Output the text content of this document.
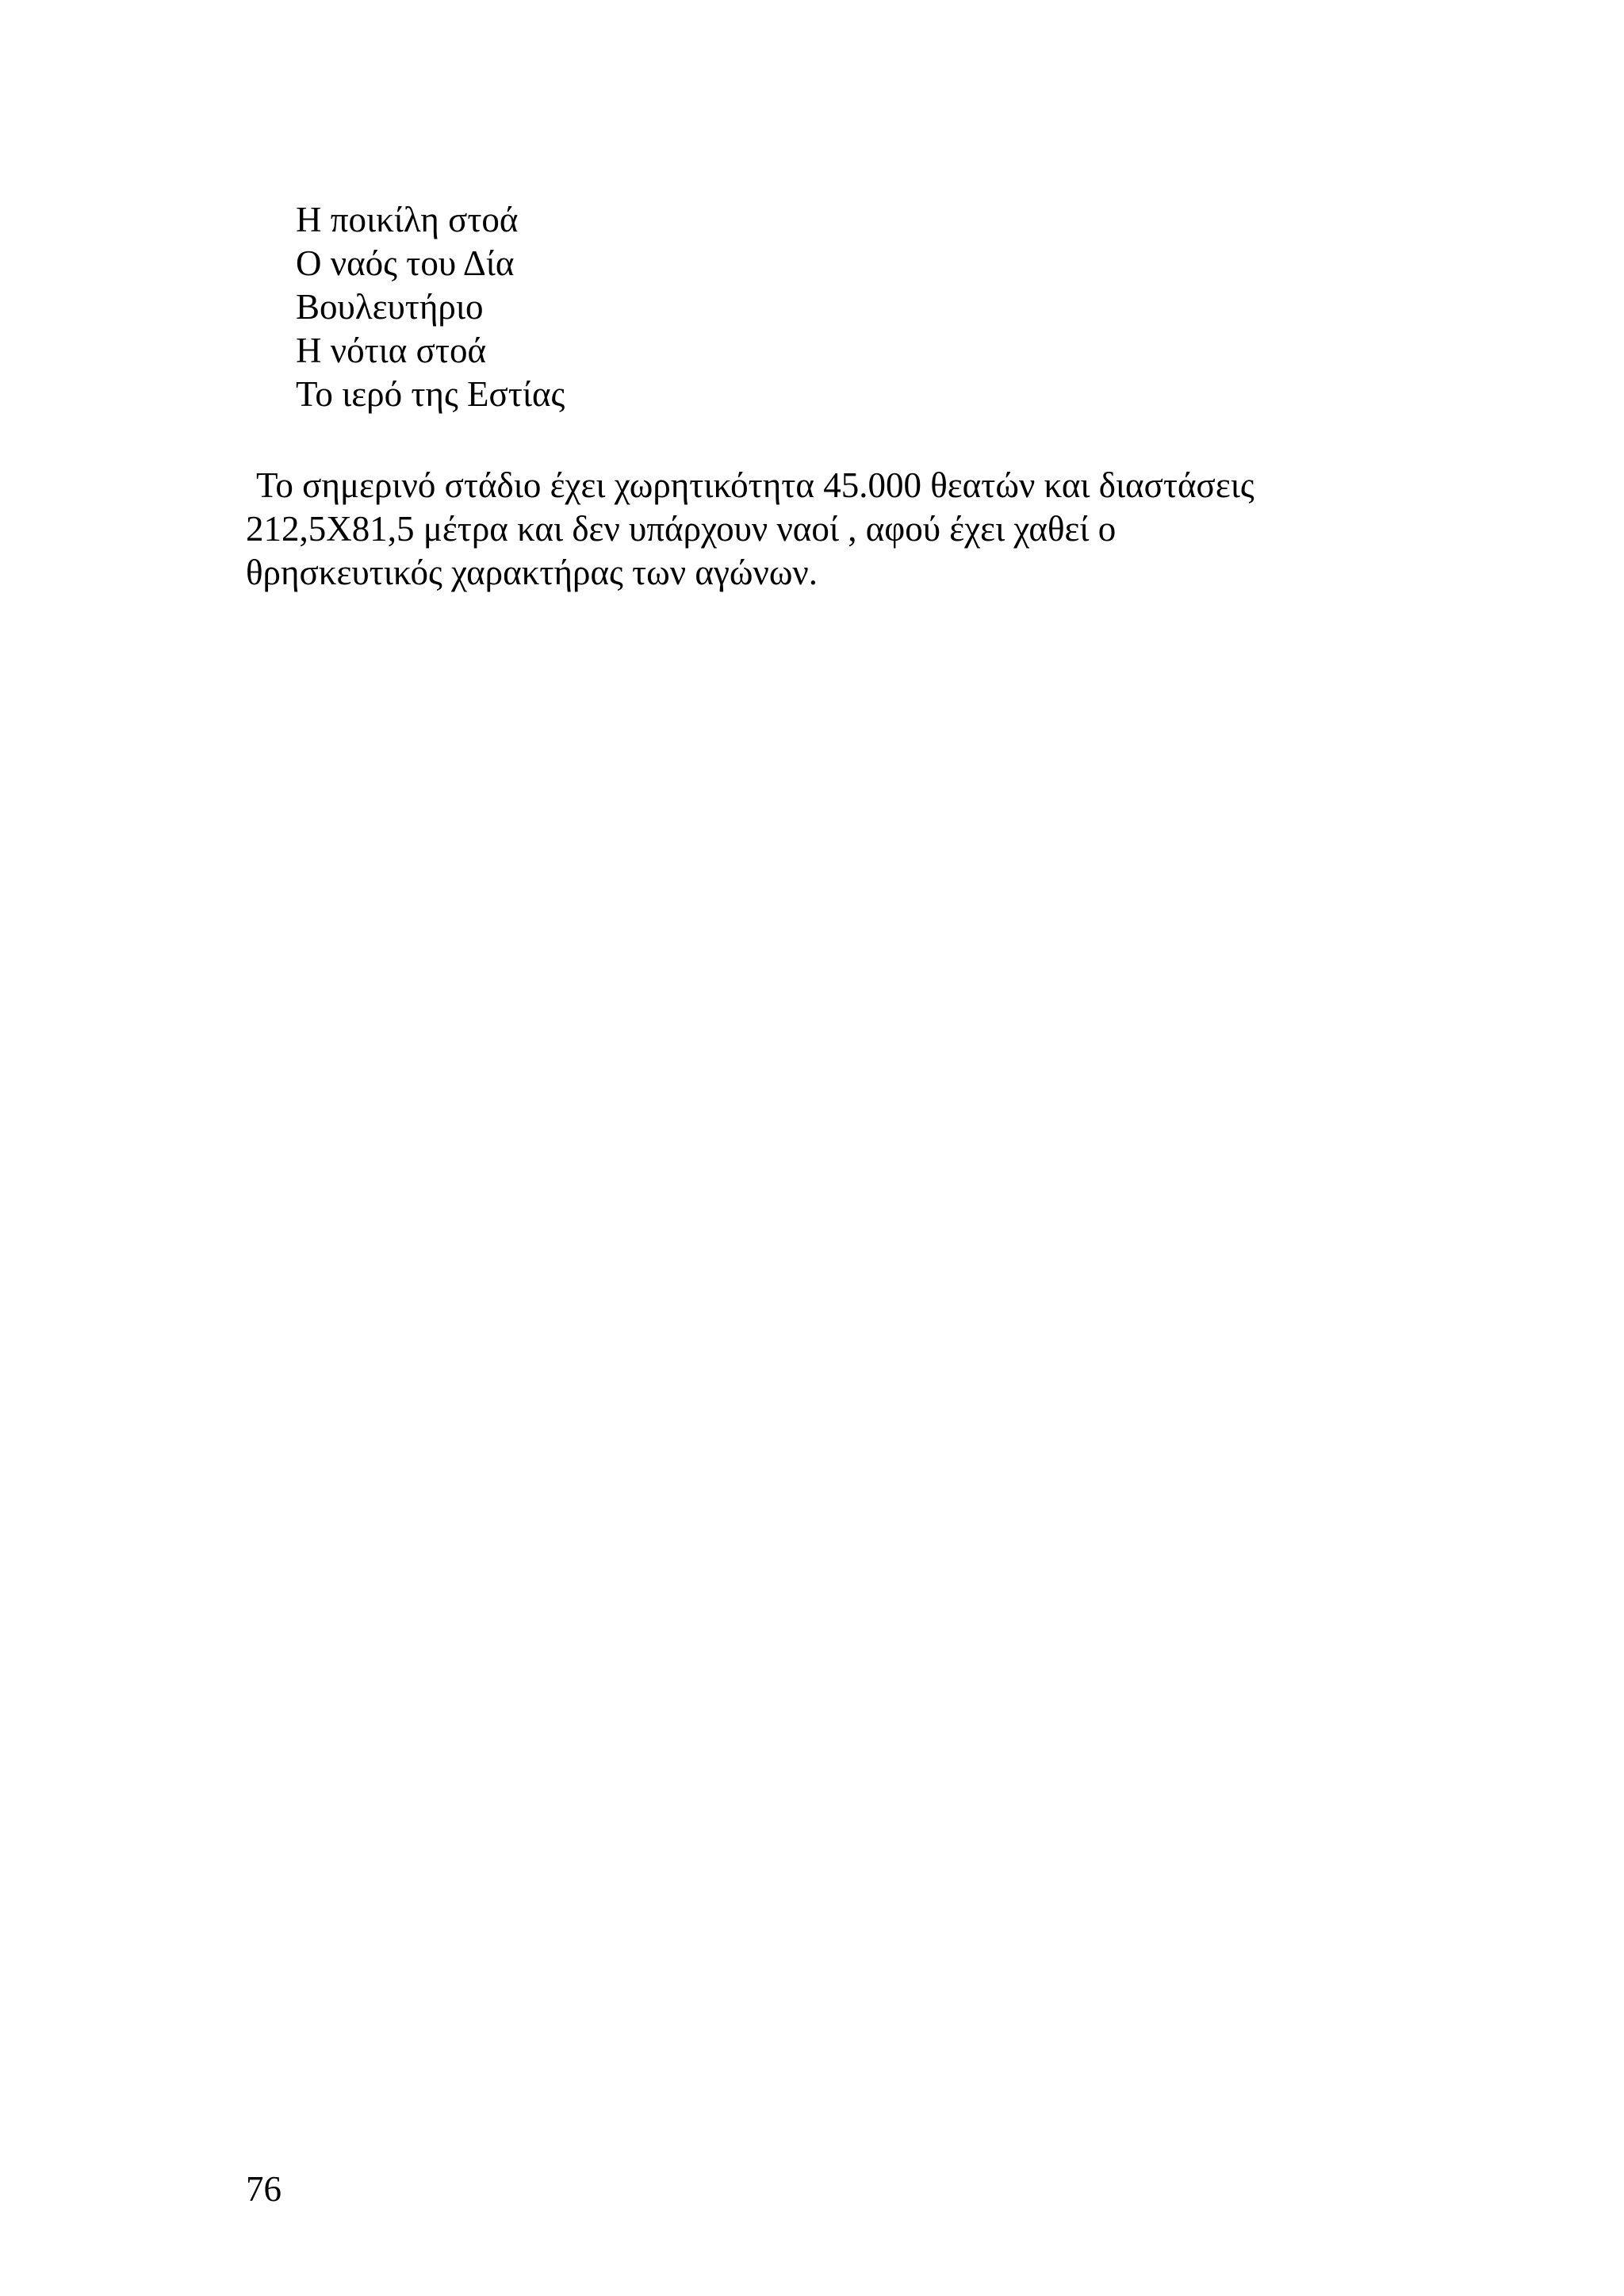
Η ποικίλη στοά
Ο ναός του Δία
Βουλευτήριο
Η νότια στοά
Το ιερό της Εστίας

Το σημερινό στάδιο έχει χωρητικότητα 45.000 θεατών και διαστάσεις
212,5Χ81,5 μέτρα και δεν υπάρχουν ναοί , αφού έχει χαθεί ο
θρησκευτικός χαρακτήρας των αγώνων.

76
